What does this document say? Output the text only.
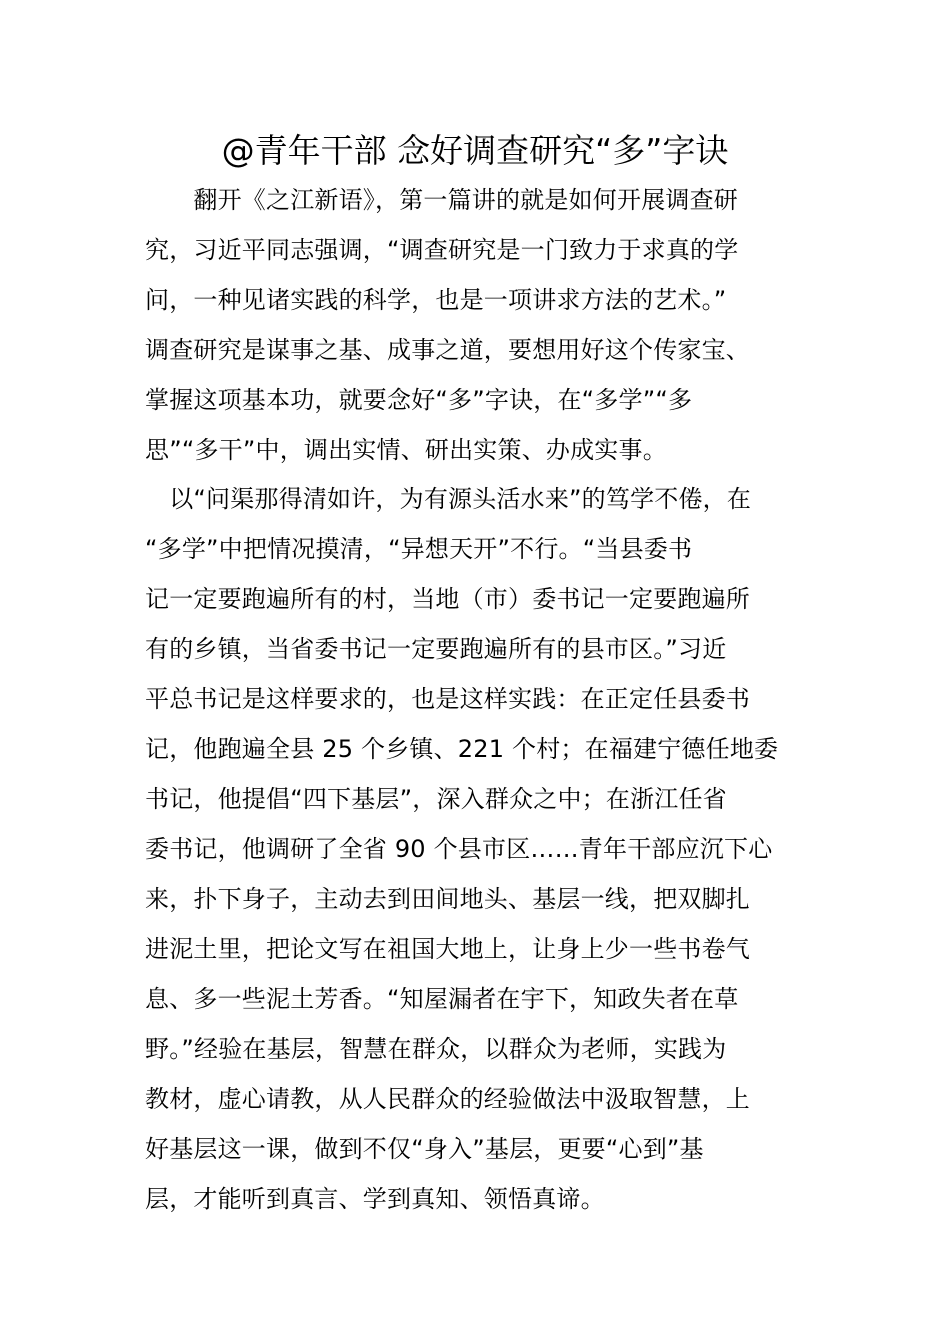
@青年干部 念好调查研究“多”字诀
　　翻开《之江新语》，第一篇讲的就是如何开展调查研
究，习近平同志强调，“调查研究是一门致力于求真的学
问，一种见诸实践的科学，也是一项讲求方法的艺术。”
调查研究是谋事之基、成事之道，要想用好这个传家宝、
掌握这项基本功，就要念好“多”字诀，在“多学”“多
思”“多干”中，调出实情、研出实策、办成实事。
　以“问渠那得清如许，为有源头活水来”的笃学不倦，在
“多学”中把情况摸清，“异想天开”不行。“当县委书
记一定要跑遍所有的村，当地（市）委书记一定要跑遍所
有的乡镇，当省委书记一定要跑遍所有的县市区。”习近
平总书记是这样要求的，也是这样实践：在正定任县委书
记，他跑遍全县 25 个乡镇、221 个村；在福建宁德任地委
书记，他提倡“四下基层”，深入群众之中；在浙江任省
委书记，他调研了全省 90 个县市区……青年干部应沉下心
来，扑下身子，主动去到田间地头、基层一线，把双脚扎
进泥土里，把论文写在祖国大地上，让身上少一些书卷气
息、多一些泥土芳香。“知屋漏者在宇下，知政失者在草
野。”经验在基层，智慧在群众，以群众为老师，实践为
教材，虚心请教，从人民群众的经验做法中汲取智慧，上
好基层这一课，做到不仅“身入”基层，更要“心到”基
层，才能听到真言、学到真知、领悟真谛。
